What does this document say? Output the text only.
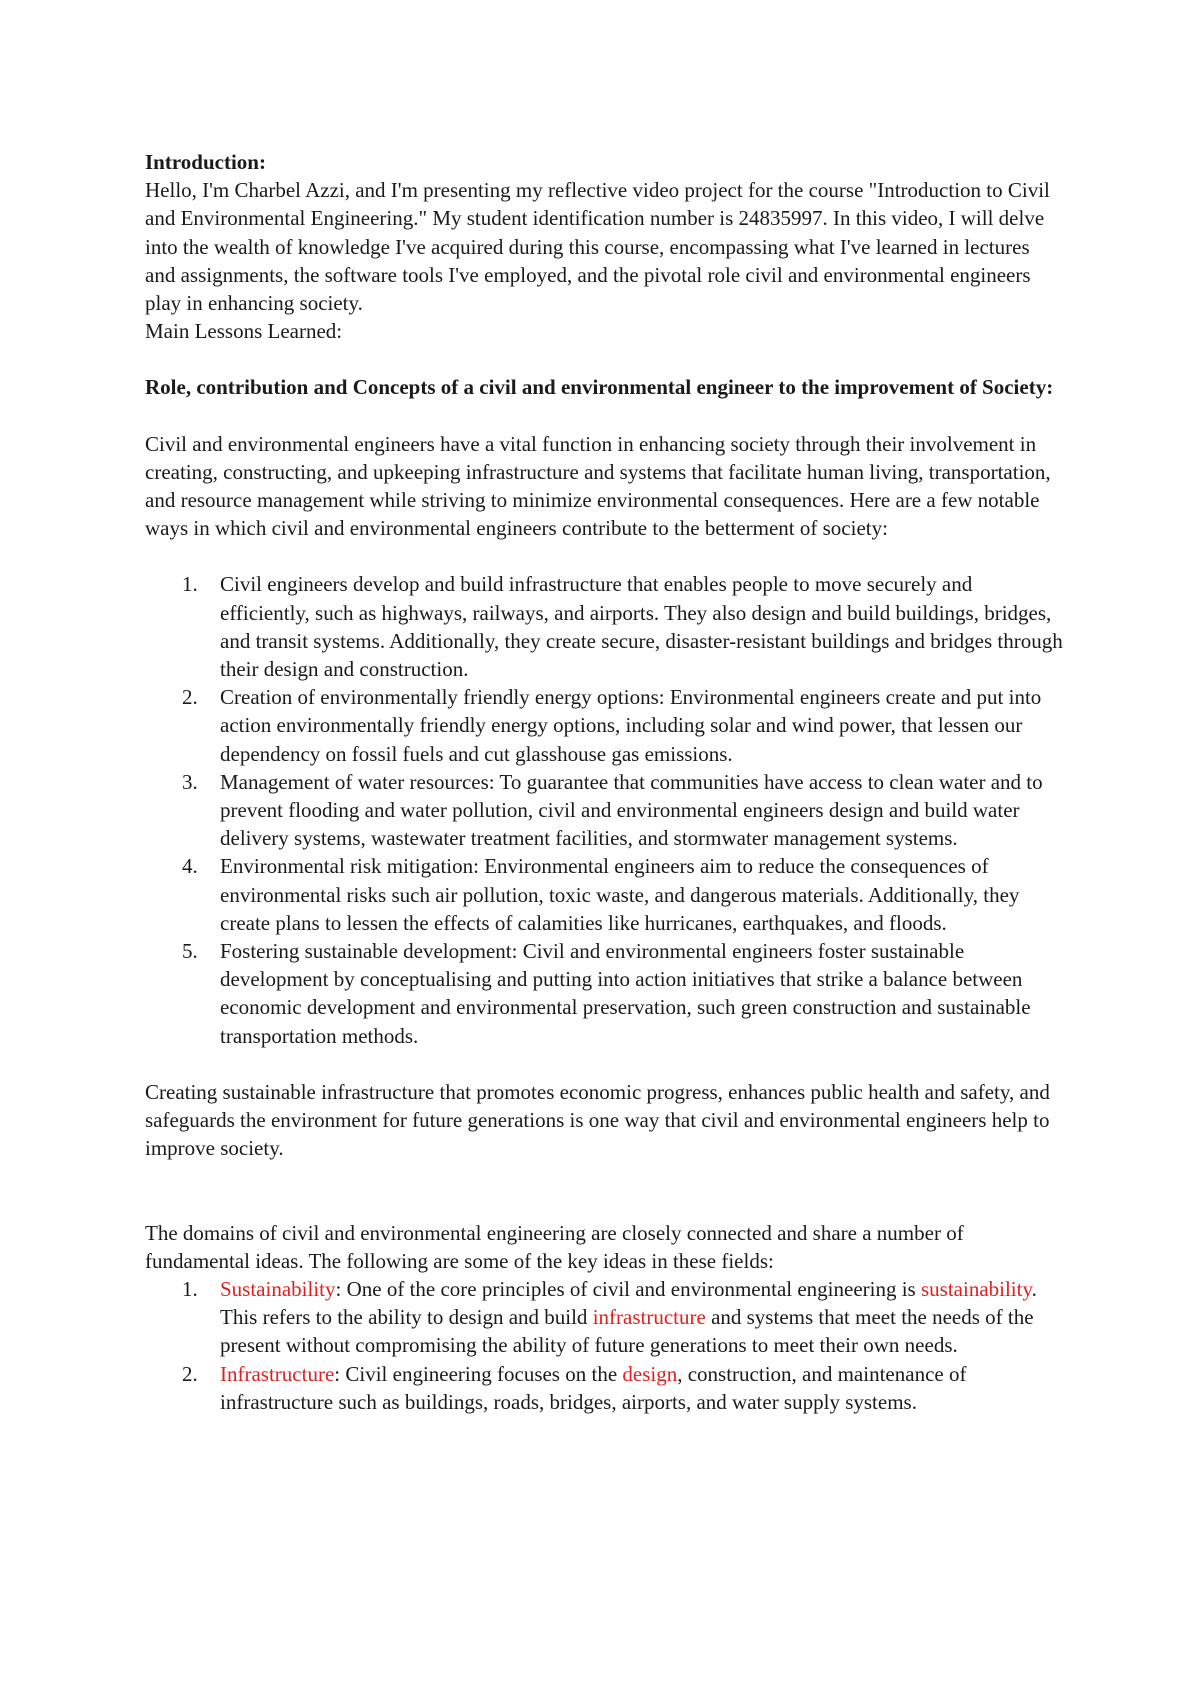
Introduction:

Hello, I'm Charbel Azzi, and I'm presenting my reflective video project for the course "Introduction to Civil and Environmental Engineering." My student identification number is 24835997. In this video, I will delve into the wealth of knowledge I've acquired during this course, encompassing what I've learned in lectures and assignments, the software tools I've employed, and the pivotal role civil and environmental engineers play in enhancing society.

Main Lessons Learned:

Role, contribution and Concepts of a civil and environmental engineer to the improvement of Society:

Civil and environmental engineers have a vital function in enhancing society through their involvement in creating, constructing, and upkeeping infrastructure and systems that facilitate human living, transportation, and resource management while striving to minimize environmental consequences. Here are a few notable ways in which civil and environmental engineers contribute to the betterment of society:

1. Civil engineers develop and build infrastructure that enables people to move securely and efficiently, such as highways, railways, and airports. They also design and build buildings, bridges, and transit systems. Additionally, they create secure, disaster-resistant buildings and bridges through their design and construction.
2. Creation of environmentally friendly energy options: Environmental engineers create and put into action environmentally friendly energy options, including solar and wind power, that lessen our dependency on fossil fuels and cut glasshouse gas emissions.
3. Management of water resources: To guarantee that communities have access to clean water and to prevent flooding and water pollution, civil and environmental engineers design and build water delivery systems, wastewater treatment facilities, and stormwater management systems.
4. Environmental risk mitigation: Environmental engineers aim to reduce the consequences of environmental risks such air pollution, toxic waste, and dangerous materials. Additionally, they create plans to lessen the effects of calamities like hurricanes, earthquakes, and floods.
5. Fostering sustainable development: Civil and environmental engineers foster sustainable development by conceptualising and putting into action initiatives that strike a balance between economic development and environmental preservation, such green construction and sustainable transportation methods.

Creating sustainable infrastructure that promotes economic progress, enhances public health and safety, and safeguards the environment for future generations is one way that civil and environmental engineers help to improve society.

The domains of civil and environmental engineering are closely connected and share a number of fundamental ideas. The following are some of the key ideas in these fields:

1. Sustainability: One of the core principles of civil and environmental engineering is sustainability. This refers to the ability to design and build infrastructure and systems that meet the needs of the present without compromising the ability of future generations to meet their own needs.
2. Infrastructure: Civil engineering focuses on the design, construction, and maintenance of infrastructure such as buildings, roads, bridges, airports, and water supply systems.
